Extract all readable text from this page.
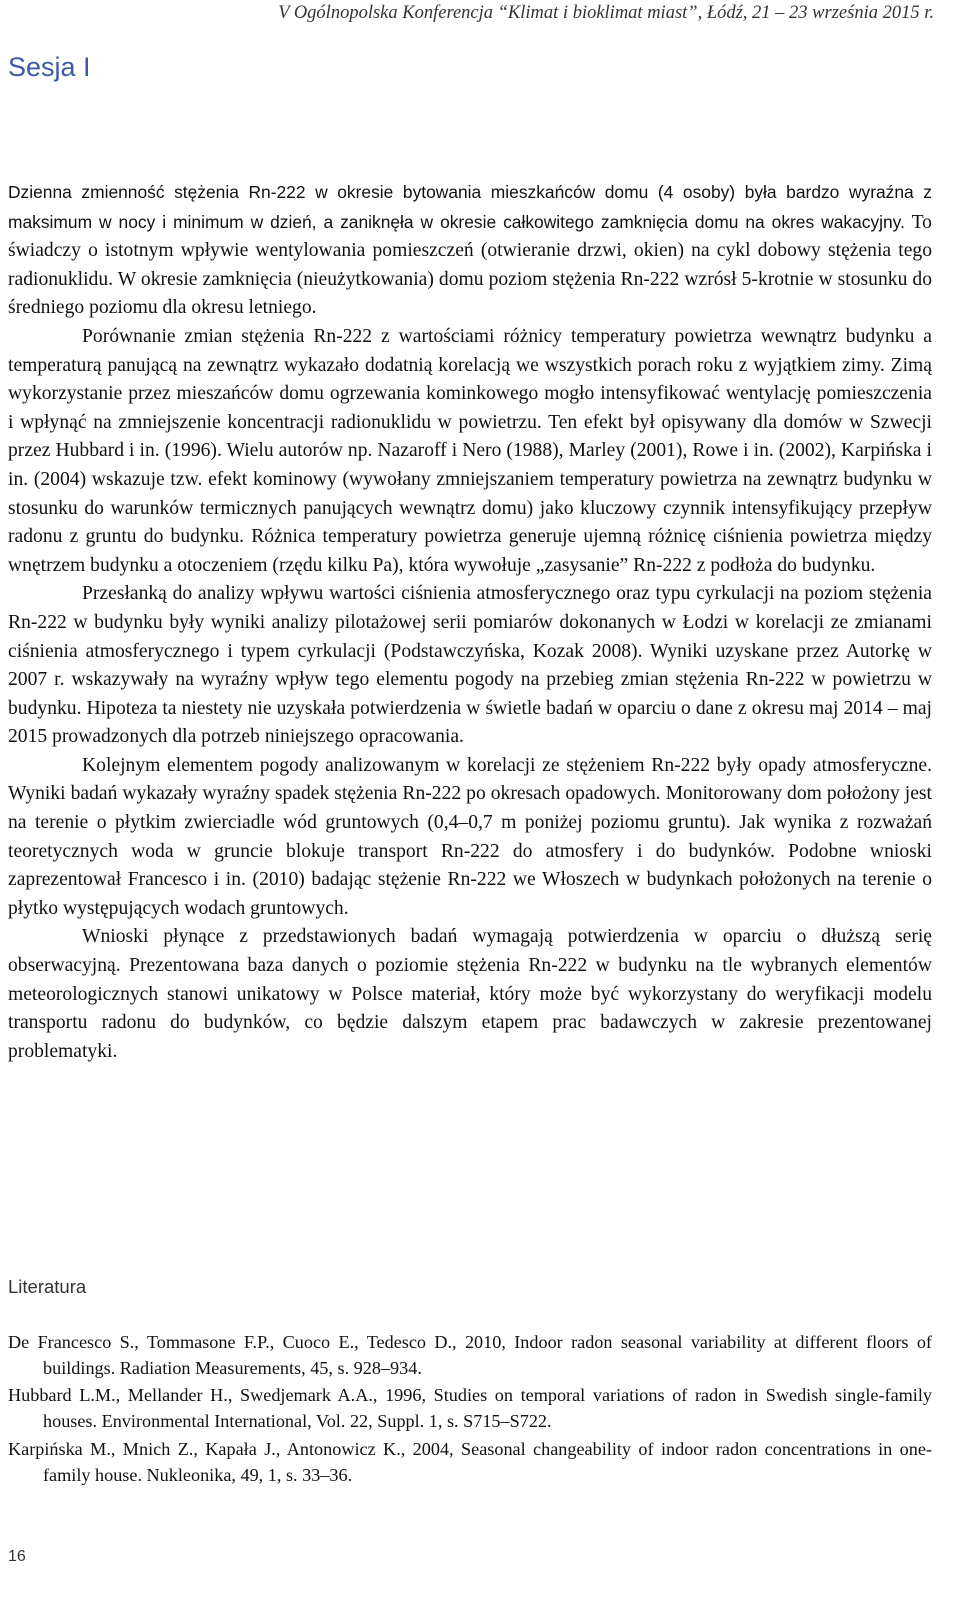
V Ogólnopolska Konferencja “Klimat i bioklimat miast”, Łódź, 21 – 23 września 2015 r.
Sesja I

Dzienna zmienność stężenia Rn-222 w okresie bytowania mieszkańców domu (4 osoby) była bardzo wyraźna z maksimum w nocy i minimum w dzień, a zaniknęła w okresie całkowitego zamknięcia domu na okres wakacyjny. To świadczy o istotnym wpływie wentylowania pomieszczeń (otwieranie drzwi, okien) na cykl dobowy stężenia tego radionuklidu. W okresie zamknięcia (nieużytkowania) domu poziom stężenia Rn-222 wzrósł 5-krotnie w stosunku do średniego poziomu dla okresu letniego.

Porównanie zmian stężenia Rn-222 z wartościami różnicy temperatury powietrza wewnątrz budynku a temperaturą panującą na zewnątrz wykazało dodatnią korelacją we wszystkich porach roku z wyjątkiem zimy. Zimą wykorzystanie przez mieszańców domu ogrzewania kominkowego mogło intensyfikować wentylację pomieszczenia i wpłynąć na zmniejszenie koncentracji radionuklidu w powietrzu. Ten efekt był opisywany dla domów w Szwecji przez Hubbard i in. (1996). Wielu autorów np. Nazaroff i Nero (1988), Marley (2001), Rowe i in. (2002), Karpińska i in. (2004) wskazuje tzw. efekt kominowy (wywołany zmniejszaniem temperatury powietrza na zewnątrz budynku w stosunku do warunków termicznych panujących wewnątrz domu) jako kluczowy czynnik intensyfikujący przepływ radonu z gruntu do budynku. Różnica temperatury powietrza generuje ujemną różnicę ciśnienia powietrza między wnętrzem budynku a otoczeniem (rzędu kilku Pa), która wywołuje „zasysanie” Rn-222 z podłoża do budynku.

Przesłanką do analizy wpływu wartości ciśnienia atmosferycznego oraz typu cyrkulacji na poziom stężenia Rn-222 w budynku były wyniki analizy pilotażowej serii pomiarów dokonanych w Łodzi w korelacji ze zmianami ciśnienia atmosferycznego i typem cyrkulacji (Podstawczyńska, Kozak 2008). Wyniki uzyskane przez Autorkę w 2007 r. wskazywały na wyraźny wpływ tego elementu pogody na przebieg zmian stężenia Rn-222 w powietrzu w budynku. Hipoteza ta niestety nie uzyskała potwierdzenia w świetle badań w oparciu o dane z okresu maj 2014 – maj 2015 prowadzonych dla potrzeb niniejszego opracowania.

Kolejnym elementem pogody analizowanym w korelacji ze stężeniem Rn-222 były opady atmosferyczne. Wyniki badań wykazały wyraźny spadek stężenia Rn-222 po okresach opadowych. Monitorowany dom położony jest na terenie o płytkim zwierciadle wód gruntowych (0,4–0,7 m poniżej poziomu gruntu). Jak wynika z rozważań teoretycznych woda w gruncie blokuje transport Rn-222 do atmosfery i do budynków. Podobne wnioski zaprezentował Francesco i in. (2010) badając stężenie Rn-222 we Włoszech w budynkach położonych na terenie o płytko występujących wodach gruntowych.

Wnioski płynące z przedstawionych badań wymagają potwierdzenia w oparciu o dłuższą serię obserwacyjną. Prezentowana baza danych o poziomie stężenia Rn-222 w budynku na tle wybranych elementów meteorologicznych stanowi unikatowy w Polsce materiał, który może być wykorzystany do weryfikacji modelu transportu radonu do budynków, co będzie dalszym etapem prac badawczych w zakresie prezentowanej problematyki.

Literatura

De Francesco S., Tommasone F.P., Cuoco E., Tedesco D., 2010, Indoor radon seasonal variability at different floors of buildings. Radiation Measurements, 45, s. 928–934.

Hubbard L.M., Mellander H., Swedjemark A.A., 1996, Studies on temporal variations of radon in Swedish single-family houses. Environmental International, Vol. 22, Suppl. 1, s. S715–S722.

Karpińska M., Mnich Z., Kapała J., Antonowicz K., 2004, Seasonal changeability of indoor radon concentrations in one-family house. Nukleonika, 49, 1, s. 33–36.

16
